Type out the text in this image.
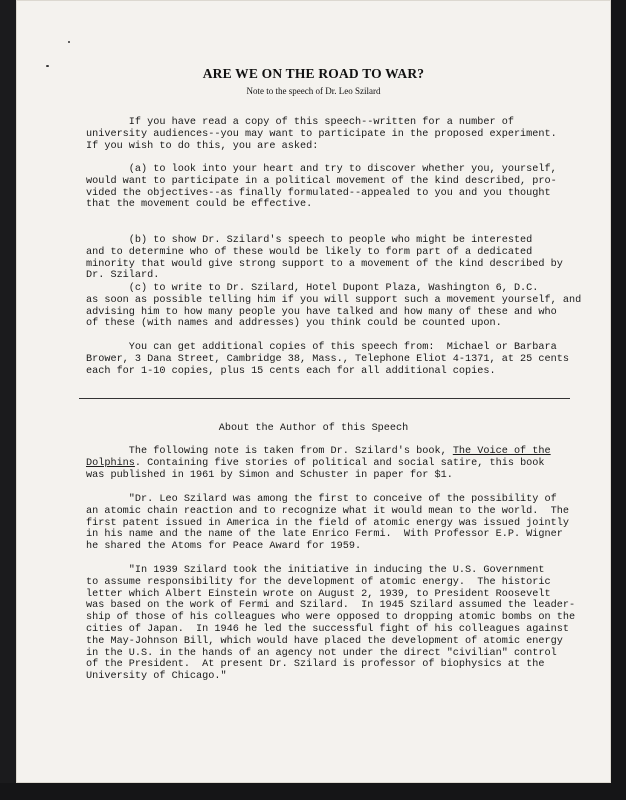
ARE WE ON THE ROAD TO WAR?
Note to the speech of Dr. Leo Szilard
If you have read a copy of this speech--written for a number of
university audiences--you may want to participate in the proposed experiment.
If you wish to do this, you are asked:
(a) to look into your heart and try to discover whether you, yourself,
would want to participate in a political movement of the kind described, pro-
vided the objectives--as finally formulated--appealed to you and you thought
that the movement could be effective.
(b) to show Dr. Szilard's speech to people who might be interested
and to determine who of these would be likely to form part of a dedicated
minority that would give strong support to a movement of the kind described by
Dr. Szilard.
(c) to write to Dr. Szilard, Hotel Dupont Plaza, Washington 6, D.C.
as soon as possible telling him if you will support such a movement yourself, and
advising him to how many people you have talked and how many of these and who
of these (with names and addresses) you think could be counted upon.
You can get additional copies of this speech from:  Michael or Barbara
Brower, 3 Dana Street, Cambridge 38, Mass., Telephone Eliot 4-1371, at 25 cents
each for 1-10 copies, plus 15 cents each for all additional copies.
About the Author of this Speech
The following note is taken from Dr. Szilard's book, The Voice of the
Dolphins. Containing five stories of political and social satire, this book
was published in 1961 by Simon and Schuster in paper for $1.
"Dr. Leo Szilard was among the first to conceive of the possibility of
an atomic chain reaction and to recognize what it would mean to the world.  The
first patent issued in America in the field of atomic energy was issued jointly
in his name and the name of the late Enrico Fermi.  With Professor E.P. Wigner
he shared the Atoms for Peace Award for 1959.
"In 1939 Szilard took the initiative in inducing the U.S. Government
to assume responsibility for the development of atomic energy.  The historic
letter which Albert Einstein wrote on August 2, 1939, to President Roosevelt
was based on the work of Fermi and Szilard.  In 1945 Szilard assumed the leader-
ship of those of his colleagues who were opposed to dropping atomic bombs on the
cities of Japan.  In 1946 he led the successful fight of his colleagues against
the May-Johnson Bill, which would have placed the development of atomic energy
in the U.S. in the hands of an agency not under the direct "civilian" control
of the President.  At present Dr. Szilard is professor of biophysics at the
University of Chicago."
